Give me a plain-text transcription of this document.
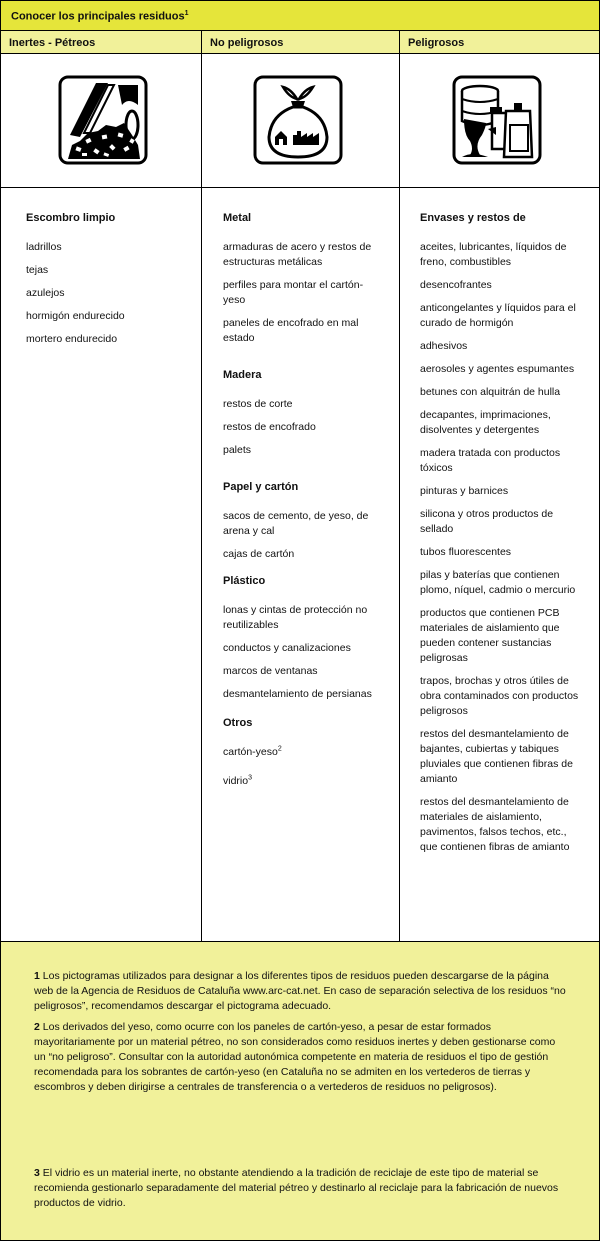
Conocer los principales residuos$^1$
Inertes - Pétreos	No peligrosos	Peligrosos
Escombro limpio
ladrillos
tejas
azulejos
hormigón endurecido
mortero endurecido
Metal
armaduras de acero y restos de estructuras metálicas
perfiles para montar el cartón-yeso
paneles de encofrado en mal estado
Madera
restos de corte
restos de encofrado
palets
Papel y cartón
sacos de cemento, de yeso, de arena y cal
cajas de cartón
Plástico
lonas y cintas de protección no reutilizables
conductos y canalizaciones
marcos de ventanas
desmantelamiento de persianas
Otros
cartón-yeso$^2$
vidrio$^3$
Envases y restos de
aceites, lubricantes, líquidos de freno, combustibles
desencofrantes
anticongelantes y líquidos para el curado de hormigón
adhesivos
aerosoles y agentes espumantes
betunes con alquitrán de hulla
decapantes, imprimaciones, disolventes y detergentes
madera tratada con productos tóxicos
pinturas y barnices
silicona y otros productos de sellado
tubos fluorescentes
pilas y baterías que contienen plomo, níquel, cadmio o mercurio
productos que contienen PCB materiales de aislamiento que pueden contener sustancias peligrosas
trapos, brochas y otros útiles de obra contaminados con productos peligrosos
restos del desmantelamiento de bajantes, cubiertas y tabiques pluviales que contienen fibras de amianto
restos del desmantelamiento de materiales de aislamiento, pavimentos, falsos techos, etc., que contienen fibras de amianto
1 Los pictogramas utilizados para designar a los diferentes tipos de residuos pueden descargarse de la página web de la Agencia de Residuos de Cataluña www.arc-cat.net. En caso de separación selectiva de los residuos “no peligrosos”, recomendamos descargar el pictograma adecuado.
2 Los derivados del yeso, como ocurre con los paneles de cartón-yeso, a pesar de estar formados mayoritariamente por un material pétreo, no son considerados como residuos inertes y deben gestionarse como un “no peligroso”. Consultar con la autoridad autonómica competente en materia de residuos el tipo de gestión recomendada para los sobrantes de cartón-yeso (en Cataluña no se admiten en los vertederos de tierras y escombros y deben dirigirse a centrales de transferencia o a vertederos de residuos no peligrosos).
3 El vidrio es un material inerte, no obstante atendiendo a la tradición de reciclaje de este tipo de material se recomienda gestionarlo separadamente del material pétreo y destinarlo al reciclaje para la fabricación de nuevos productos de vidrio.
